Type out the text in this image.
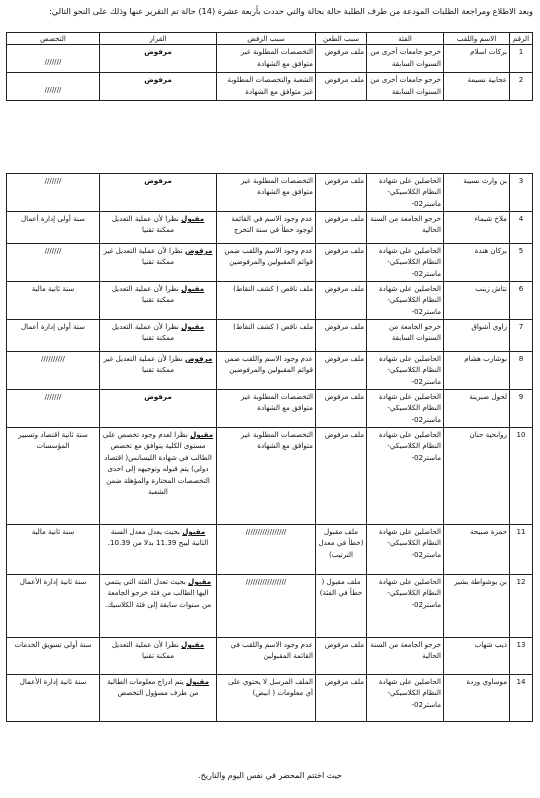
وبعد الاطلاع ومراجعة الطلبات المودعة من طرف الطلبة حالة بحالة والتي حددت بأربعة عشرة (14) حالة تم التقرير عنها وذلك على النحو التالي:
الرقم	الاسم واللقب	الفئة	سبب الطعن	سبب الرفض	القرار	التخصص
1	بركات اسلام	خرجو جامعات أخرى من السنوات السابقة	ملف مرفوض	التخصصات المطلوبة غير متوافق مع الشهادة	مرفوض	///////

2	عجابية نسيمة	خرجو جامعات أخرى من السنوات السابقة	ملف مرفوض	الشعبة والتخصصات المطلوبة غير متوافق مع الشهادة	مرفوض	///////
3	بن وارث نسيبة	الحاصلين على شهادة النظام الكلاسيكي- ماستر02-	ملف مرفوض	التخصصات المطلوبة غير متوافق مع الشهادة	مرفوض	///////
4	ملاخ شيماء	خرجو الجامعة من السنة الحالية	ملف مرفوض	عدم وجود الاسم في القائمة لوجود خطأ في سنة التخرج	مقبول نظرا لأن عملية التعديل ممكنة تقنيا	سنة أولى إدارة أعمال
5	بركان هندة	الحاصلين على شهادة النظام الكلاسيكي- ماستر02-	ملف مرفوض	عدم وجود الاسم واللقب ضمن قوائم المقبولين والمرفوضين	مرفوض نظرا لأن عملية التعديل غير ممكنة تقنيا	///////
6	نتاش زينب	الحاصلين على شهادة النظام الكلاسيكي- ماستر02-	ملف مرفوض	ملف ناقص ( كشف النقاط)	مقبول نظرا لأن عملية التعديل ممكنة تقنيا	سنة ثانية مالية
7	زاوي أشواق	خرجو الجامعة من السنوات السابقة	ملف مرفوض	ملف ناقص ( كشف النقاط)	مقبول نظرا لأن عملية التعديل ممكنة تقنيا	سنة أولى إدارة أعمال
8	بوشارب هشام	الحاصلين على شهادة النظام الكلاسيكي- ماستر02-	ملف مرفوض	عدم وجود الاسم واللقب ضمن قوائم المقبولين والمرفوضين	مرفوض نظرا لأن عملية التعديل غير ممكنة تقنيا	//////////
9	لحول صبرينة	الحاصلين على شهادة النظام الكلاسيكي- ماستر02-	ملف مرفوض	التخصصات المطلوبة غير متوافق مع الشهادة	مرفوض	///////
10	روابحية حنان	الحاصلين على شهادة النظام الكلاسيكي- ماستر02-	ملف مرفوض	التخصصات المطلوبة غير متوافق مع الشهادة	مقبول نظرا لعدم وجود تخصص على مستوى الكلية يتوافق مع تخصص الطالب في شهادة الليسانس( اقتصاد دولي) يتم قبوله وتوجيهه إلى احدى التخصصات المختارة والمؤهلة ضمن الشعبة	سنة ثانية اقتصاد وتسيير المؤسسات
11	حمزة صبيحة	الحاصلين على شهادة النظام الكلاسيكي- ماستر02-	ملف مقبول (خطأ في معدل الترتيب)	/////////////////	مقبول بحيث يعدل معدل السنة الثانية ليبح 11.39 بدلا من 10.39.	سنة ثانية مالية
12	بن بوشواطة بشير	الحاصلين على شهادة النظام الكلاسيكي- ماستر02-	ملف مقبول ( خطأ في الفئة)	/////////////////	مقبول بحيث تعدل الفئة التي ينتمي اليها الطالب من فئة خرجو الجامعة من سنوات سابقة إلى فئة الكلاسيك.	سنة ثانية إدارة الأعمال
13	ذيب شهاب	خرجو الجامعة من السنة الحالية	ملف مرفوض	عدم وجود الاسم واللقب في القائمة المقبولين	مقبول نظرا لأن عملية التعديل ممكنة تقنيا	سنة أولى تسويق الخدمات
14	موساوي وردة	الحاصلين على شهادة النظام الكلاسيكي- ماستر02-	ملف مرفوض	الملف المرسل لا يحتوي على أي معلومات ( ابيض)	مقبول يتم ادراج معلومات الطالبة من طرف مسؤول التخصص	سنة ثانية إدارة الأعمال
حيث اختتم المحضر في نفس اليوم والتاريخ.
